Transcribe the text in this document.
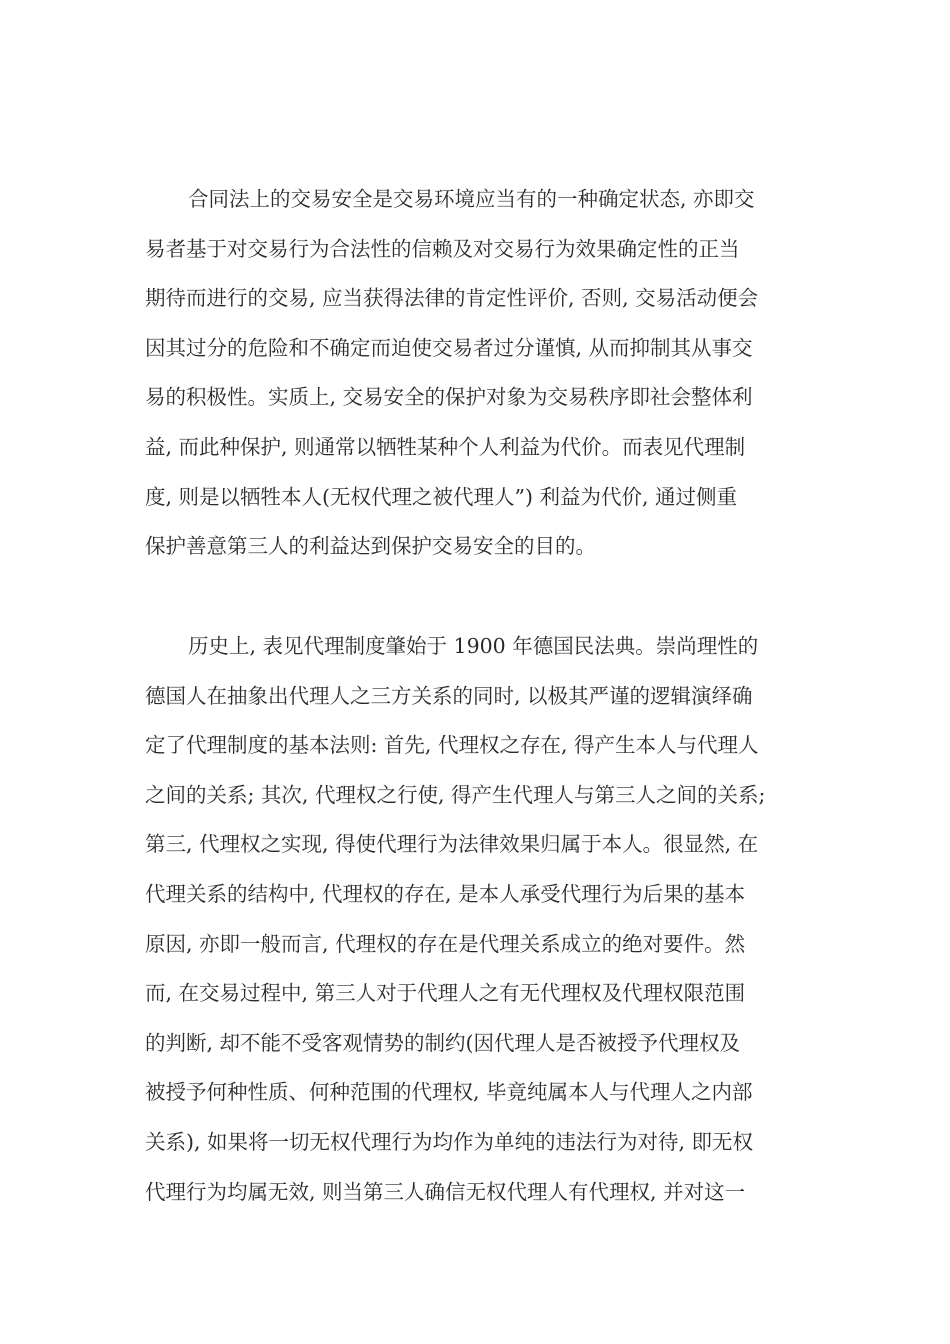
合同法上的交易安全是交易环境应当有的一种确定状态, 亦即交
易者基于对交易行为合法性的信赖及对交易行为效果确定性的正当
期待而进行的交易, 应当获得法律的肯定性评价, 否则, 交易活动便会
因其过分的危险和不确定而迫使交易者过分谨慎, 从而抑制其从事交
易的积极性。实质上, 交易安全的保护对象为交易秩序即社会整体利
益, 而此种保护, 则通常以牺牲某种个人利益为代价。而表见代理制
度, 则是以牺牲本人(无权代理之被代理人”) 利益为代价, 通过侧重
保护善意第三人的利益达到保护交易安全的目的。
历史上, 表见代理制度肇始于 1900 年德国民法典。崇尚理性的
德国人在抽象出代理人之三方关系的同时, 以极其严谨的逻辑演绎确
定了代理制度的基本法则: 首先, 代理权之存在, 得产生本人与代理人
之间的关系; 其次, 代理权之行使, 得产生代理人与第三人之间的关系;
第三, 代理权之实现, 得使代理行为法律效果归属于本人。很显然, 在
代理关系的结构中, 代理权的存在, 是本人承受代理行为后果的基本
原因, 亦即一般而言, 代理权的存在是代理关系成立的绝对要件。然
而, 在交易过程中, 第三人对于代理人之有无代理权及代理权限范围
的判断, 却不能不受客观情势的制约(因代理人是否被授予代理权及
被授予何种性质、何种范围的代理权, 毕竟纯属本人与代理人之内部
关系), 如果将一切无权代理行为均作为单纯的违法行为对待, 即无权
代理行为均属无效, 则当第三人确信无权代理人有代理权, 并对这一
